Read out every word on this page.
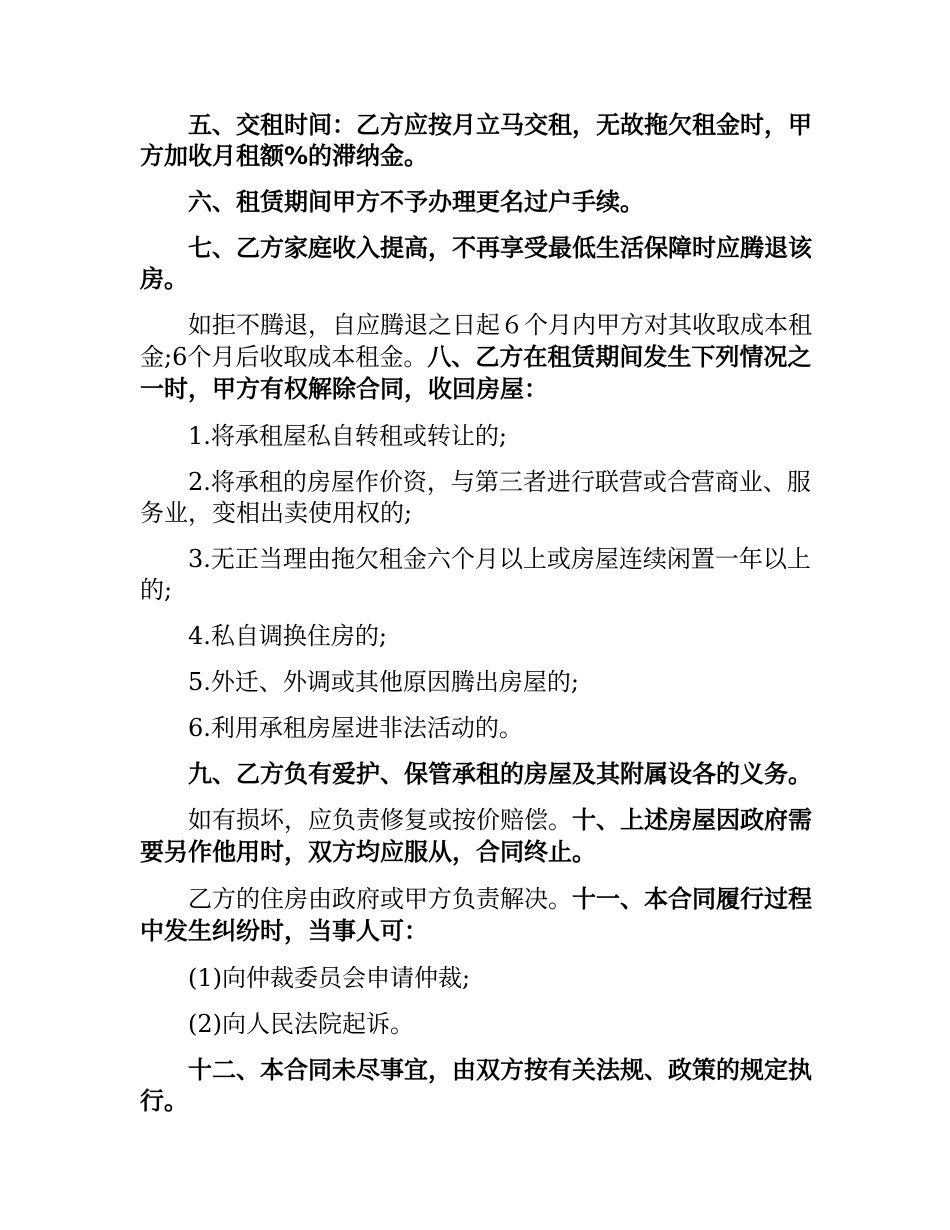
五、交租时间：乙方应按月立马交租，无故拖欠租金时，甲方加收月租额%的滞纳金。

六、租赁期间甲方不予办理更名过户手续。

七、乙方家庭收入提高，不再享受最低生活保障时应腾退该房。

如拒不腾退，自应腾退之日起６个月内甲方对其收取成本租金;6个月后收取成本租金。八、乙方在租赁期间发生下列情况之一时，甲方有权解除合同，收回房屋：

1.将承租屋私自转租或转让的;

2.将承租的房屋作价资，与第三者进行联营或合营商业、服务业，变相出卖使用权的;

3.无正当理由拖欠租金六个月以上或房屋连续闲置一年以上的;

4.私自调换住房的;

5.外迁、外调或其他原因腾出房屋的;

6.利用承租房屋进非法活动的。

九、乙方负有爱护、保管承租的房屋及其附属设各的义务。

如有损坏，应负责修复或按价赔偿。十、上述房屋因政府需要另作他用时，双方均应服从，合同终止。

乙方的住房由政府或甲方负责解决。十一、本合同履行过程中发生纠纷时，当事人可：

(1)向仲裁委员会申请仲裁;

(2)向人民法院起诉。

十二、本合同未尽事宜，由双方按有关法规、政策的规定执行。
